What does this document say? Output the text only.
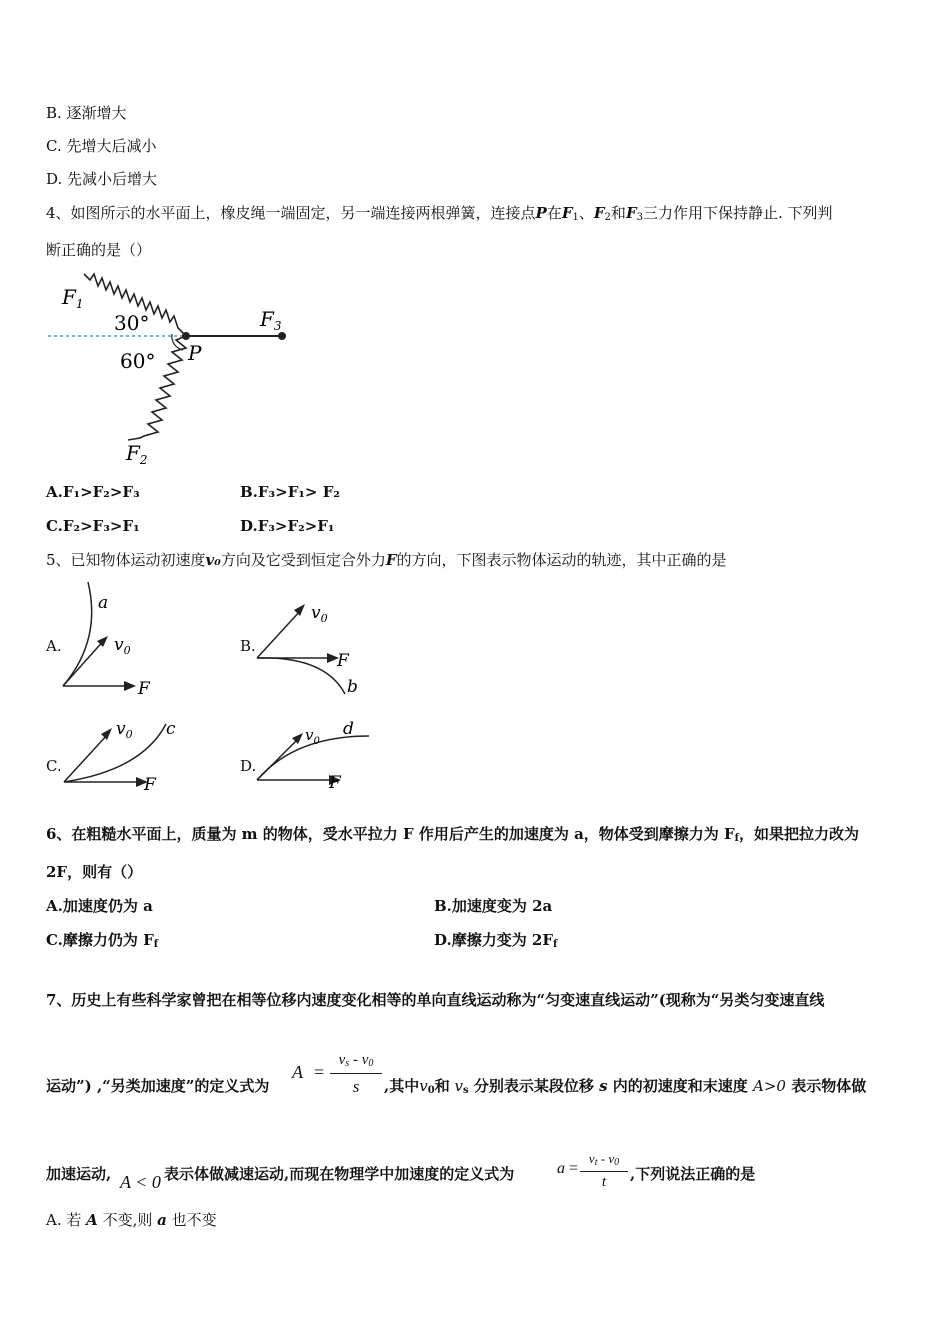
B. 逐渐增大
C. 先增大后减小
D. 先减小后增大
4、如图所示的水平面上，橡皮绳一端固定，另一端连接两根弹簧，连接点P在$F_1$、$F_2$和$F_3$三力作用下保持静止. 下列判
断正确的是（）
$F_1$
30°
60° P
$F_3$
$F_2$
A.F₁>F₂>F₃	B.F₃>F₁> F₂
C.F₂>F₃>F₁	D.F₃>F₂>F₁
5、已知物体运动初速度v₀方向及它受到恒定合外力F的方向，下图表示物体运动的轨迹，其中正确的是
A.
a
$v_0$
F
B.
$v_0$
F
b
C.
$v_0$ c
F
D.
$v_0$
d
F
6、在粗糙水平面上，质量为 m 的物体，受水平拉力 F 作用后产生的加速度为 a，物体受到摩擦力为 $F_f$，如果把拉力改为
2F，则有（）
A.加速度仍为 a	B.加速度变为 2a
C.摩擦力仍为 $F_f$	D.摩擦力变为 $2F_f$
7、历史上有些科学家曾把在相等位移内速度变化相等的单向直线运动称为“匀变速直线运动”(现称为“另类匀变速直线
运动”) ,“另类加速度”的定义式为
A =
$v_s - v_0$
s	,其中$v_0$和 $v_s$ 分别表示某段位移 s 内的初速度和末速度 A>0 表示物体做
加速运动, A < 0 表示体做减速运动,而现在物理学中加速度的定义式为	a =
$v_t - v_0$
t	,下列说法正确的是
A. 若 A 不变,则 a 也不变
